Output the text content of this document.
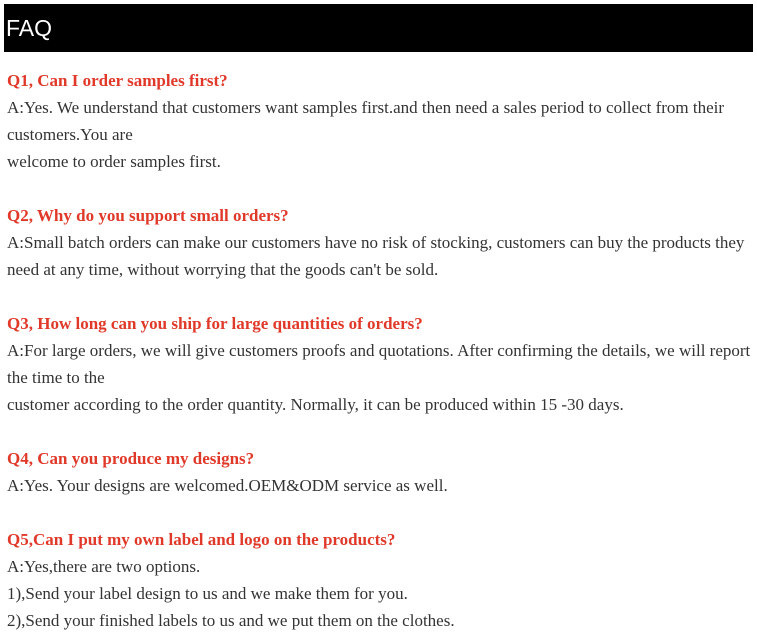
FAQ
Q1, Can I order samples first?
A:Yes. We understand that customers want samples first.and then need a sales period to collect from their customers.You are
welcome to order samples first.
Q2, Why do you support small orders?
A:Small batch orders can make our customers have no risk of stocking, customers can buy the products they need at any time, without worrying that the goods can't be sold.
Q3, How long can you ship for large quantities of orders?
A:For large orders, we will give customers proofs and quotations. After confirming the details, we will report the time to the
customer according to the order quantity. Normally, it can be produced within 15 -30 days.
Q4, Can you produce my designs?
A:Yes. Your designs are welcomed.OEM&ODM service as well.
Q5,Can I put my own label and logo on the products?
A:Yes,there are two options.
1),Send your label design to us and we make them for you.
2),Send your finished labels to us and we put them on the clothes.
